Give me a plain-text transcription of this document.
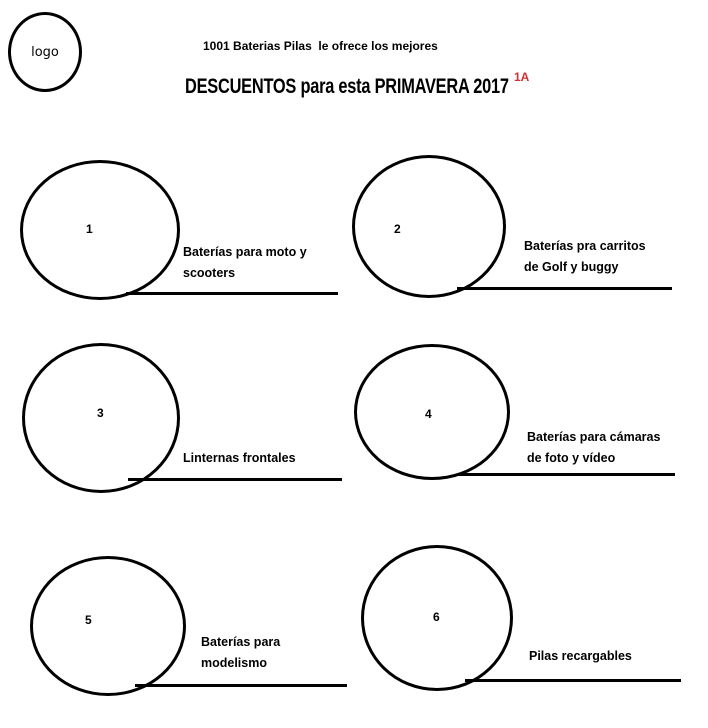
logo	1001 Baterias Pilas  le ofrece los mejores
DESCUENTOS para esta PRIMAVERA 2017 1A
1
Baterías para moto y
scooters
2
Baterías pra carritos
de Golf y buggy
3
Linternas frontales
4
Baterías para cámaras
de foto y vídeo
5
Baterías para
modelismo
6
Pilas recargables
